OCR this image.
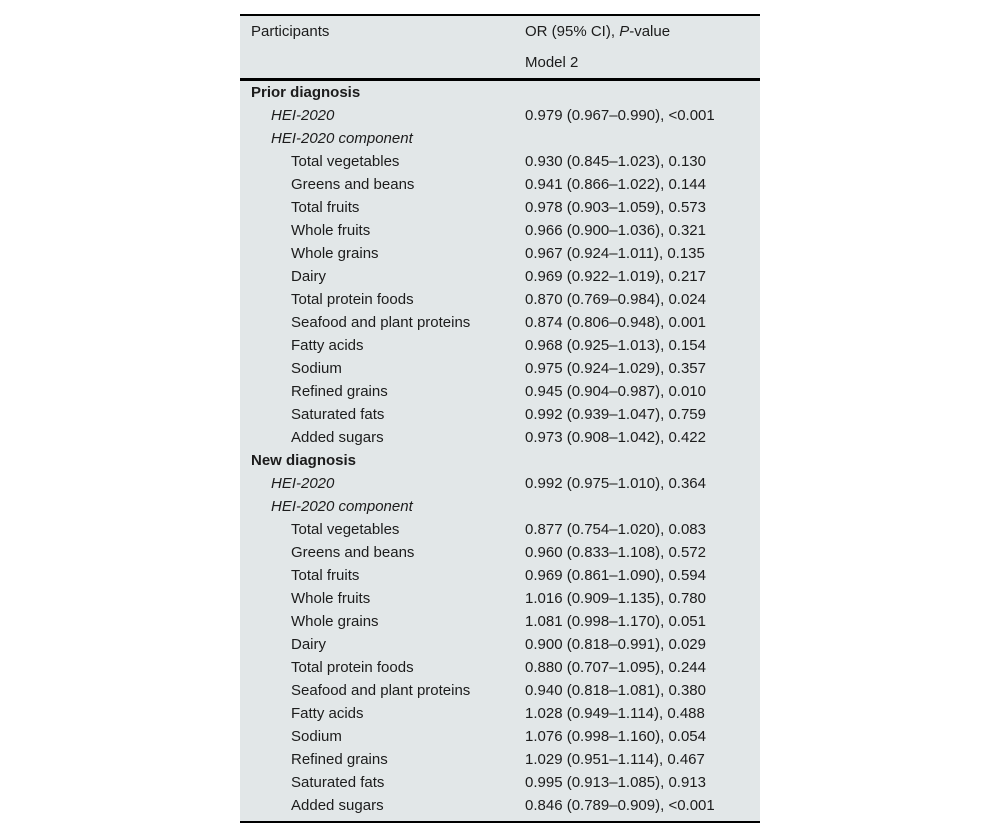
Participants	OR (95% CI), P-value
Model 2
Prior diagnosis
HEI-2020	0.979 (0.967–0.990), <0.001
HEI-2020 component
Total vegetables	0.930 (0.845–1.023), 0.130
Greens and beans	0.941 (0.866–1.022), 0.144
Total fruits	0.978 (0.903–1.059), 0.573
Whole fruits	0.966 (0.900–1.036), 0.321
Whole grains	0.967 (0.924–1.011), 0.135
Dairy	0.969 (0.922–1.019), 0.217
Total protein foods	0.870 (0.769–0.984), 0.024
Seafood and plant proteins	0.874 (0.806–0.948), 0.001
Fatty acids	0.968 (0.925–1.013), 0.154
Sodium	0.975 (0.924–1.029), 0.357
Refined grains	0.945 (0.904–0.987), 0.010
Saturated fats	0.992 (0.939–1.047), 0.759
Added sugars	0.973 (0.908–1.042), 0.422
New diagnosis
HEI-2020	0.992 (0.975–1.010), 0.364
HEI-2020 component
Total vegetables	0.877 (0.754–1.020), 0.083
Greens and beans	0.960 (0.833–1.108), 0.572
Total fruits	0.969 (0.861–1.090), 0.594
Whole fruits	1.016 (0.909–1.135), 0.780
Whole grains	1.081 (0.998–1.170), 0.051
Dairy	0.900 (0.818–0.991), 0.029
Total protein foods	0.880 (0.707–1.095), 0.244
Seafood and plant proteins	0.940 (0.818–1.081), 0.380
Fatty acids	1.028 (0.949–1.114), 0.488
Sodium	1.076 (0.998–1.160), 0.054
Refined grains	1.029 (0.951–1.114), 0.467
Saturated fats	0.995 (0.913–1.085), 0.913
Added sugars	0.846 (0.789–0.909), <0.001
